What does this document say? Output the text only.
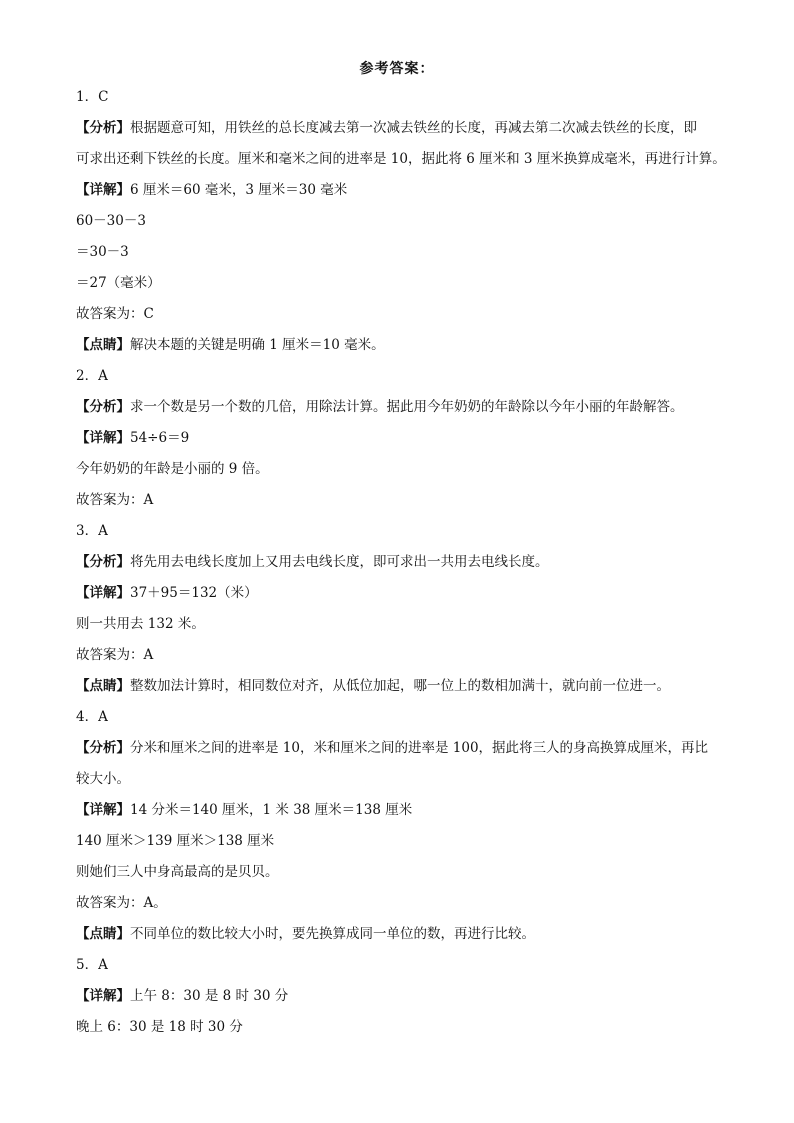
参考答案：
1．C
【分析】根据题意可知，用铁丝的总长度减去第一次减去铁丝的长度，再减去第二次减去铁丝的长度，即
可求出还剩下铁丝的长度。厘米和毫米之间的进率是 10，据此将 6 厘米和 3 厘米换算成毫米，再进行计算。
【详解】6 厘米＝60 毫米，3 厘米＝30 毫米
60－30－3
＝30－3
＝27（毫米）
故答案为：C
【点睛】解决本题的关键是明确 1 厘米＝10 毫米。
2．A
【分析】求一个数是另一个数的几倍，用除法计算。据此用今年奶奶的年龄除以今年小丽的年龄解答。
【详解】54÷6＝9
今年奶奶的年龄是小丽的 9 倍。
故答案为：A
3．A
【分析】将先用去电线长度加上又用去电线长度，即可求出一共用去电线长度。
【详解】37＋95＝132（米）
则一共用去 132 米。
故答案为：A
【点睛】整数加法计算时，相同数位对齐，从低位加起，哪一位上的数相加满十，就向前一位进一。
4．A
【分析】分米和厘米之间的进率是 10，米和厘米之间的进率是 100，据此将三人的身高换算成厘米，再比
较大小。
【详解】14 分米＝140 厘米，1 米 38 厘米＝138 厘米
140 厘米＞139 厘米＞138 厘米
则她们三人中身高最高的是贝贝。
故答案为：A。
【点睛】不同单位的数比较大小时，要先换算成同一单位的数，再进行比较。
5．A
【详解】上午 8：30 是 8 时 30 分
晚上 6：30 是 18 时 30 分
